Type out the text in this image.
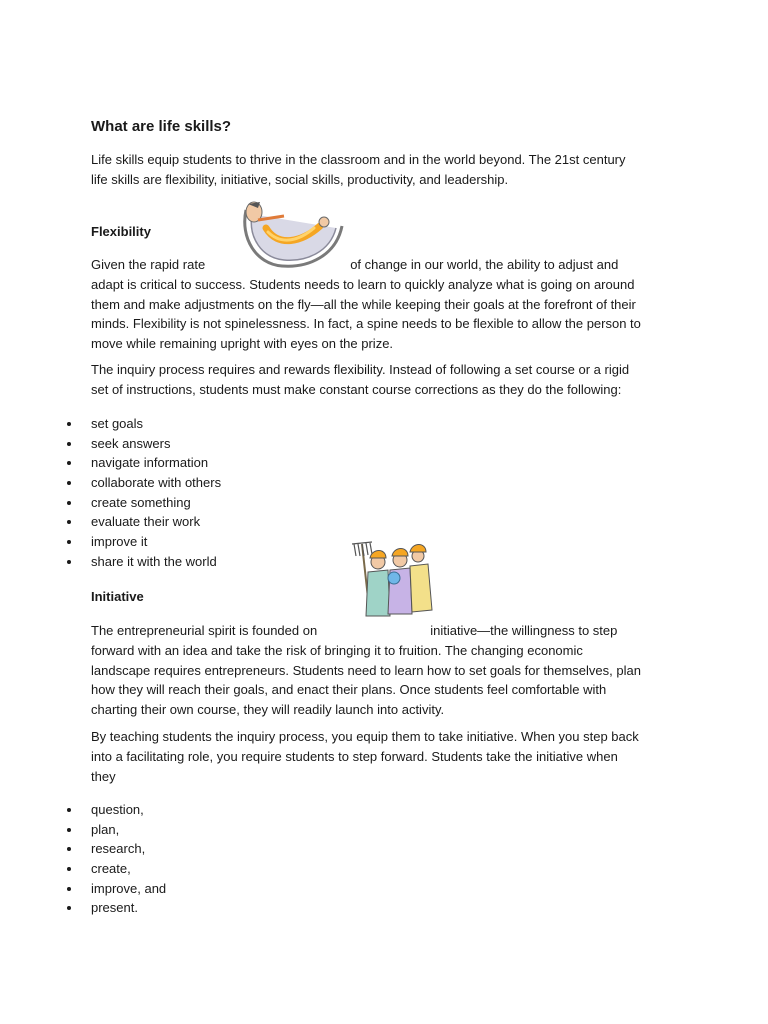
What are life skills?

Life skills equip students to thrive in the classroom and in the world beyond. The 21st century
life skills are flexibility, initiative, social skills, productivity, and leadership.

Flexibility

Given the rapid rate	of change in our world, the ability to adjust and
adapt is critical to success. Students needs to learn to quickly analyze what is going on around
them and make adjustments on the fly—all the while keeping their goals at the forefront of their
minds. Flexibility is not spinelessness. In fact, a spine needs to be flexible to allow the person to
move while remaining upright with eyes on the prize.

The inquiry process requires and rewards flexibility. Instead of following a set course or a rigid
set of instructions, students must make constant course corrections as they do the following:

set goals
seek answers
navigate information
collaborate with others
create something
evaluate their work
improve it
share it with the world
Initiative

The entrepreneurial spirit is founded on	initiative—the willingness to step
forward with an idea and take the risk of bringing it to fruition. The changing economic
landscape requires entrepreneurs. Students need to learn how to set goals for themselves, plan
how they will reach their goals, and enact their plans. Once students feel comfortable with
charting their own course, they will readily launch into activity.

By teaching students the inquiry process, you equip them to take initiative. When you step back
into a facilitating role, you require students to step forward. Students take the initiative when
they

question,
plan,
research,
create,
improve, and
present.
